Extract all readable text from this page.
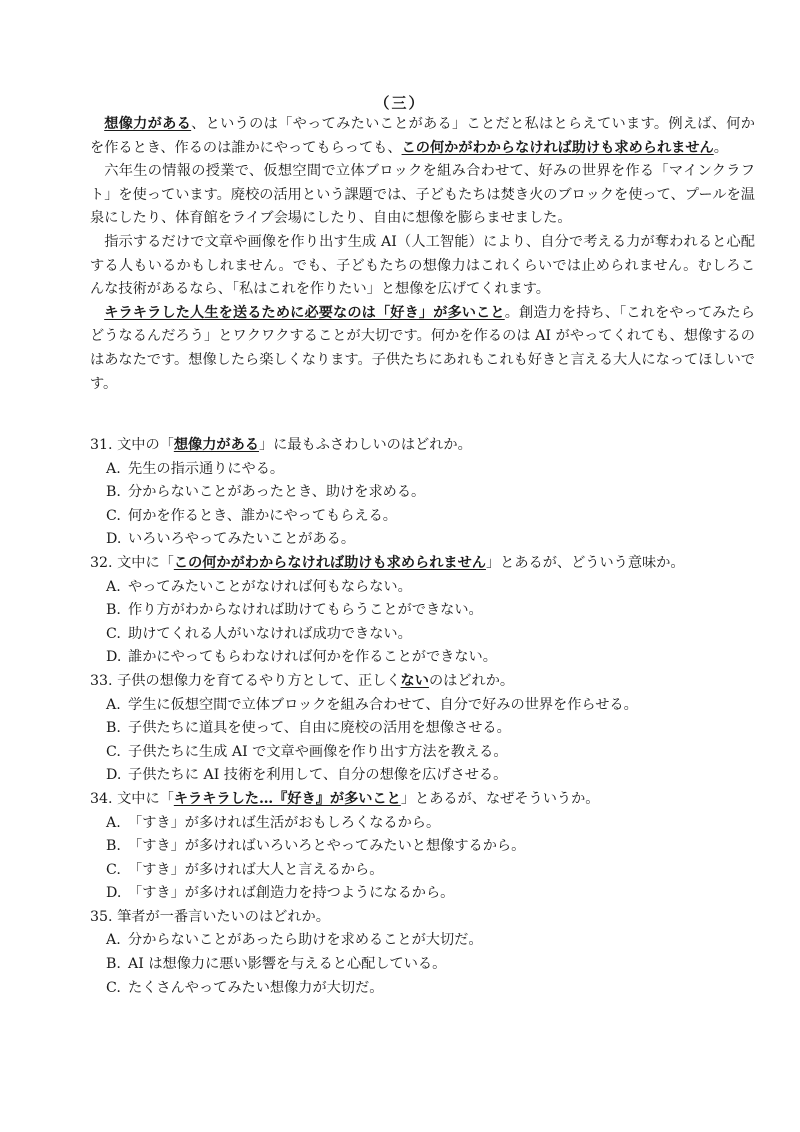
（三）

想像力がある、というのは「やってみたいことがある」ことだと私はとらえています。例えば、何かを作るとき、作るのは誰かにやってもらっても、この何かがわからなければ助けも求められません。

六年生の情報の授業で、仮想空間で立体ブロックを組み合わせて、好みの世界を作る「マインクラフト」を使っています。廃校の活用という課題では、子どもたちは焚き火のブロックを使って、プールを温泉にしたり、体育館をライブ会場にしたり、自由に想像を膨らませました。

指示するだけで文章や画像を作り出す生成 AI（人工智能）により、自分で考える力が奪われると心配する人もいるかもしれません。でも、子どもたちの想像力はこれくらいでは止められません。むしろこんな技術があるなら、「私はこれを作りたい」と想像を広げてくれます。

キラキラした人生を送るために必要なのは「好き」が多いこと。創造力を持ち、「これをやってみたらどうなるんだろう」とワクワクすることが大切です。何かを作るのは AI がやってくれても、想像するのはあなたです。想像したら楽しくなります。子供たちにあれもこれも好きと言える大人になってほしいです。

31. 文中の「想像力がある」に最もふさわしいのはどれか。

A. 先生の指示通りにやる。
B. 分からないことがあったとき、助けを求める。
C. 何かを作るとき、誰かにやってもらえる。
D. いろいろやってみたいことがある。

32. 文中に「この何かがわからなければ助けも求められません」とあるが、どういう意味か。

A. やってみたいことがなければ何もならない。
B. 作り方がわからなければ助けてもらうことができない。
C. 助けてくれる人がいなければ成功できない。
D. 誰かにやってもらわなければ何かを作ることができない。

33. 子供の想像力を育てるやり方として、正しくないのはどれか。

A. 学生に仮想空間で立体ブロックを組み合わせて、自分で好みの世界を作らせる。
B. 子供たちに道具を使って、自由に廃校の活用を想像させる。
C. 子供たちに生成 AI で文章や画像を作り出す方法を教える。
D. 子供たちに AI 技術を利用して、自分の想像を広げさせる。

34. 文中に「キラキラした…『好き』が多いこと」とあるが、なぜそういうか。

A. 「すき」が多ければ生活がおもしろくなるから。
B. 「すき」が多ければいろいろとやってみたいと想像するから。
C. 「すき」が多ければ大人と言えるから。
D. 「すき」が多ければ創造力を持つようになるから。

35. 筆者が一番言いたいのはどれか。

A. 分からないことがあったら助けを求めることが大切だ。
B. AI は想像力に悪い影響を与えると心配している。
C. たくさんやってみたい想像力が大切だ。
